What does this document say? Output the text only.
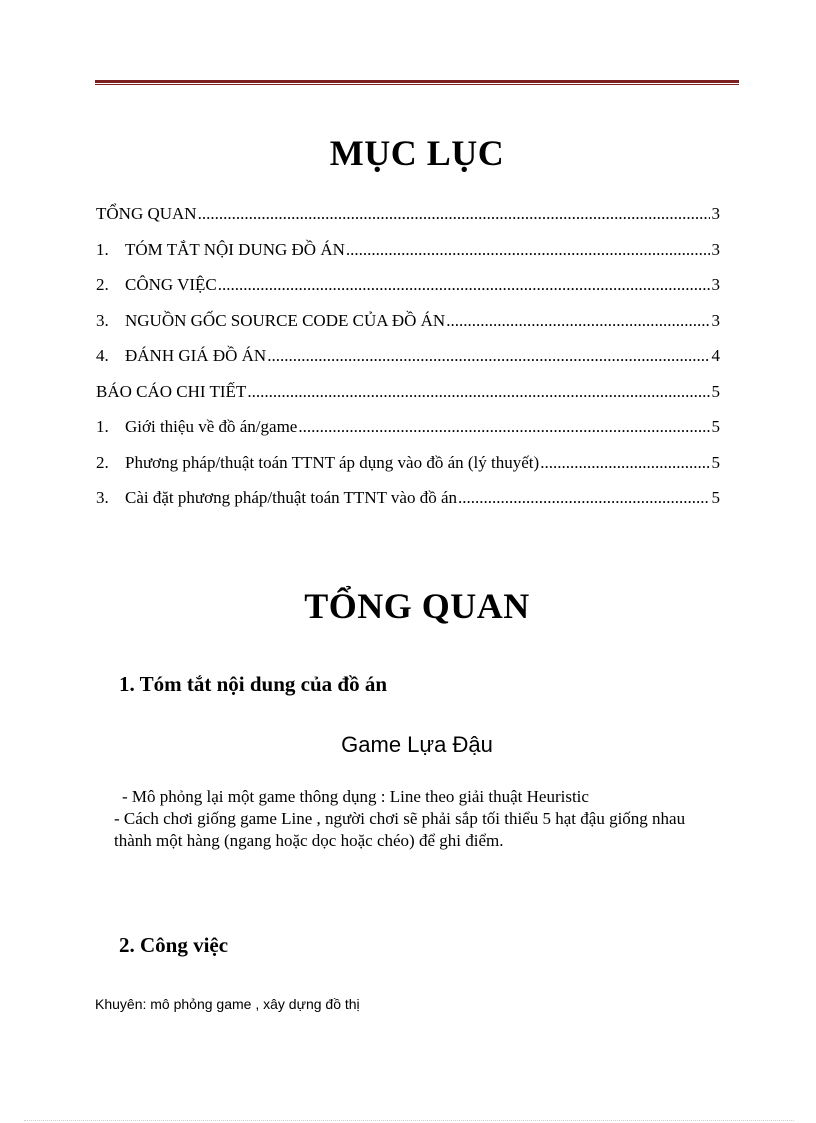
MỤC LỤC
TỔNG QUAN .....	3
1. TÓM TẮT NỘI DUNG ĐỒ ÁN .....	3
2. CÔNG VIỆC .....	3
3. NGUỒN GỐC SOURCE CODE CỦA ĐỒ ÁN .....	3
4. ĐÁNH GIÁ ĐỒ ÁN .....	4
BÁO CÁO CHI TIẾT .....	5
1. Giới thiệu về đồ án/game .....	5
2. Phương pháp/thuật toán TTNT áp dụng vào đồ án (lý thuyết) .....	5
3. Cài đặt phương pháp/thuật toán TTNT vào đồ án .....	5
TỔNG QUAN
1. Tóm tắt nội dung của đồ án
Game Lựa Đậu
- Mô phỏng lại một game thông dụng : Line theo giải thuật Heuristic
- Cách chơi giống game Line , người chơi sẽ phải sắp tối thiểu 5 hạt đậu giống nhau thành một hàng (ngang hoặc dọc hoặc chéo) để ghi điểm.
2. Công việc
Khuyên: mô phỏng game , xây dựng đồ thị
